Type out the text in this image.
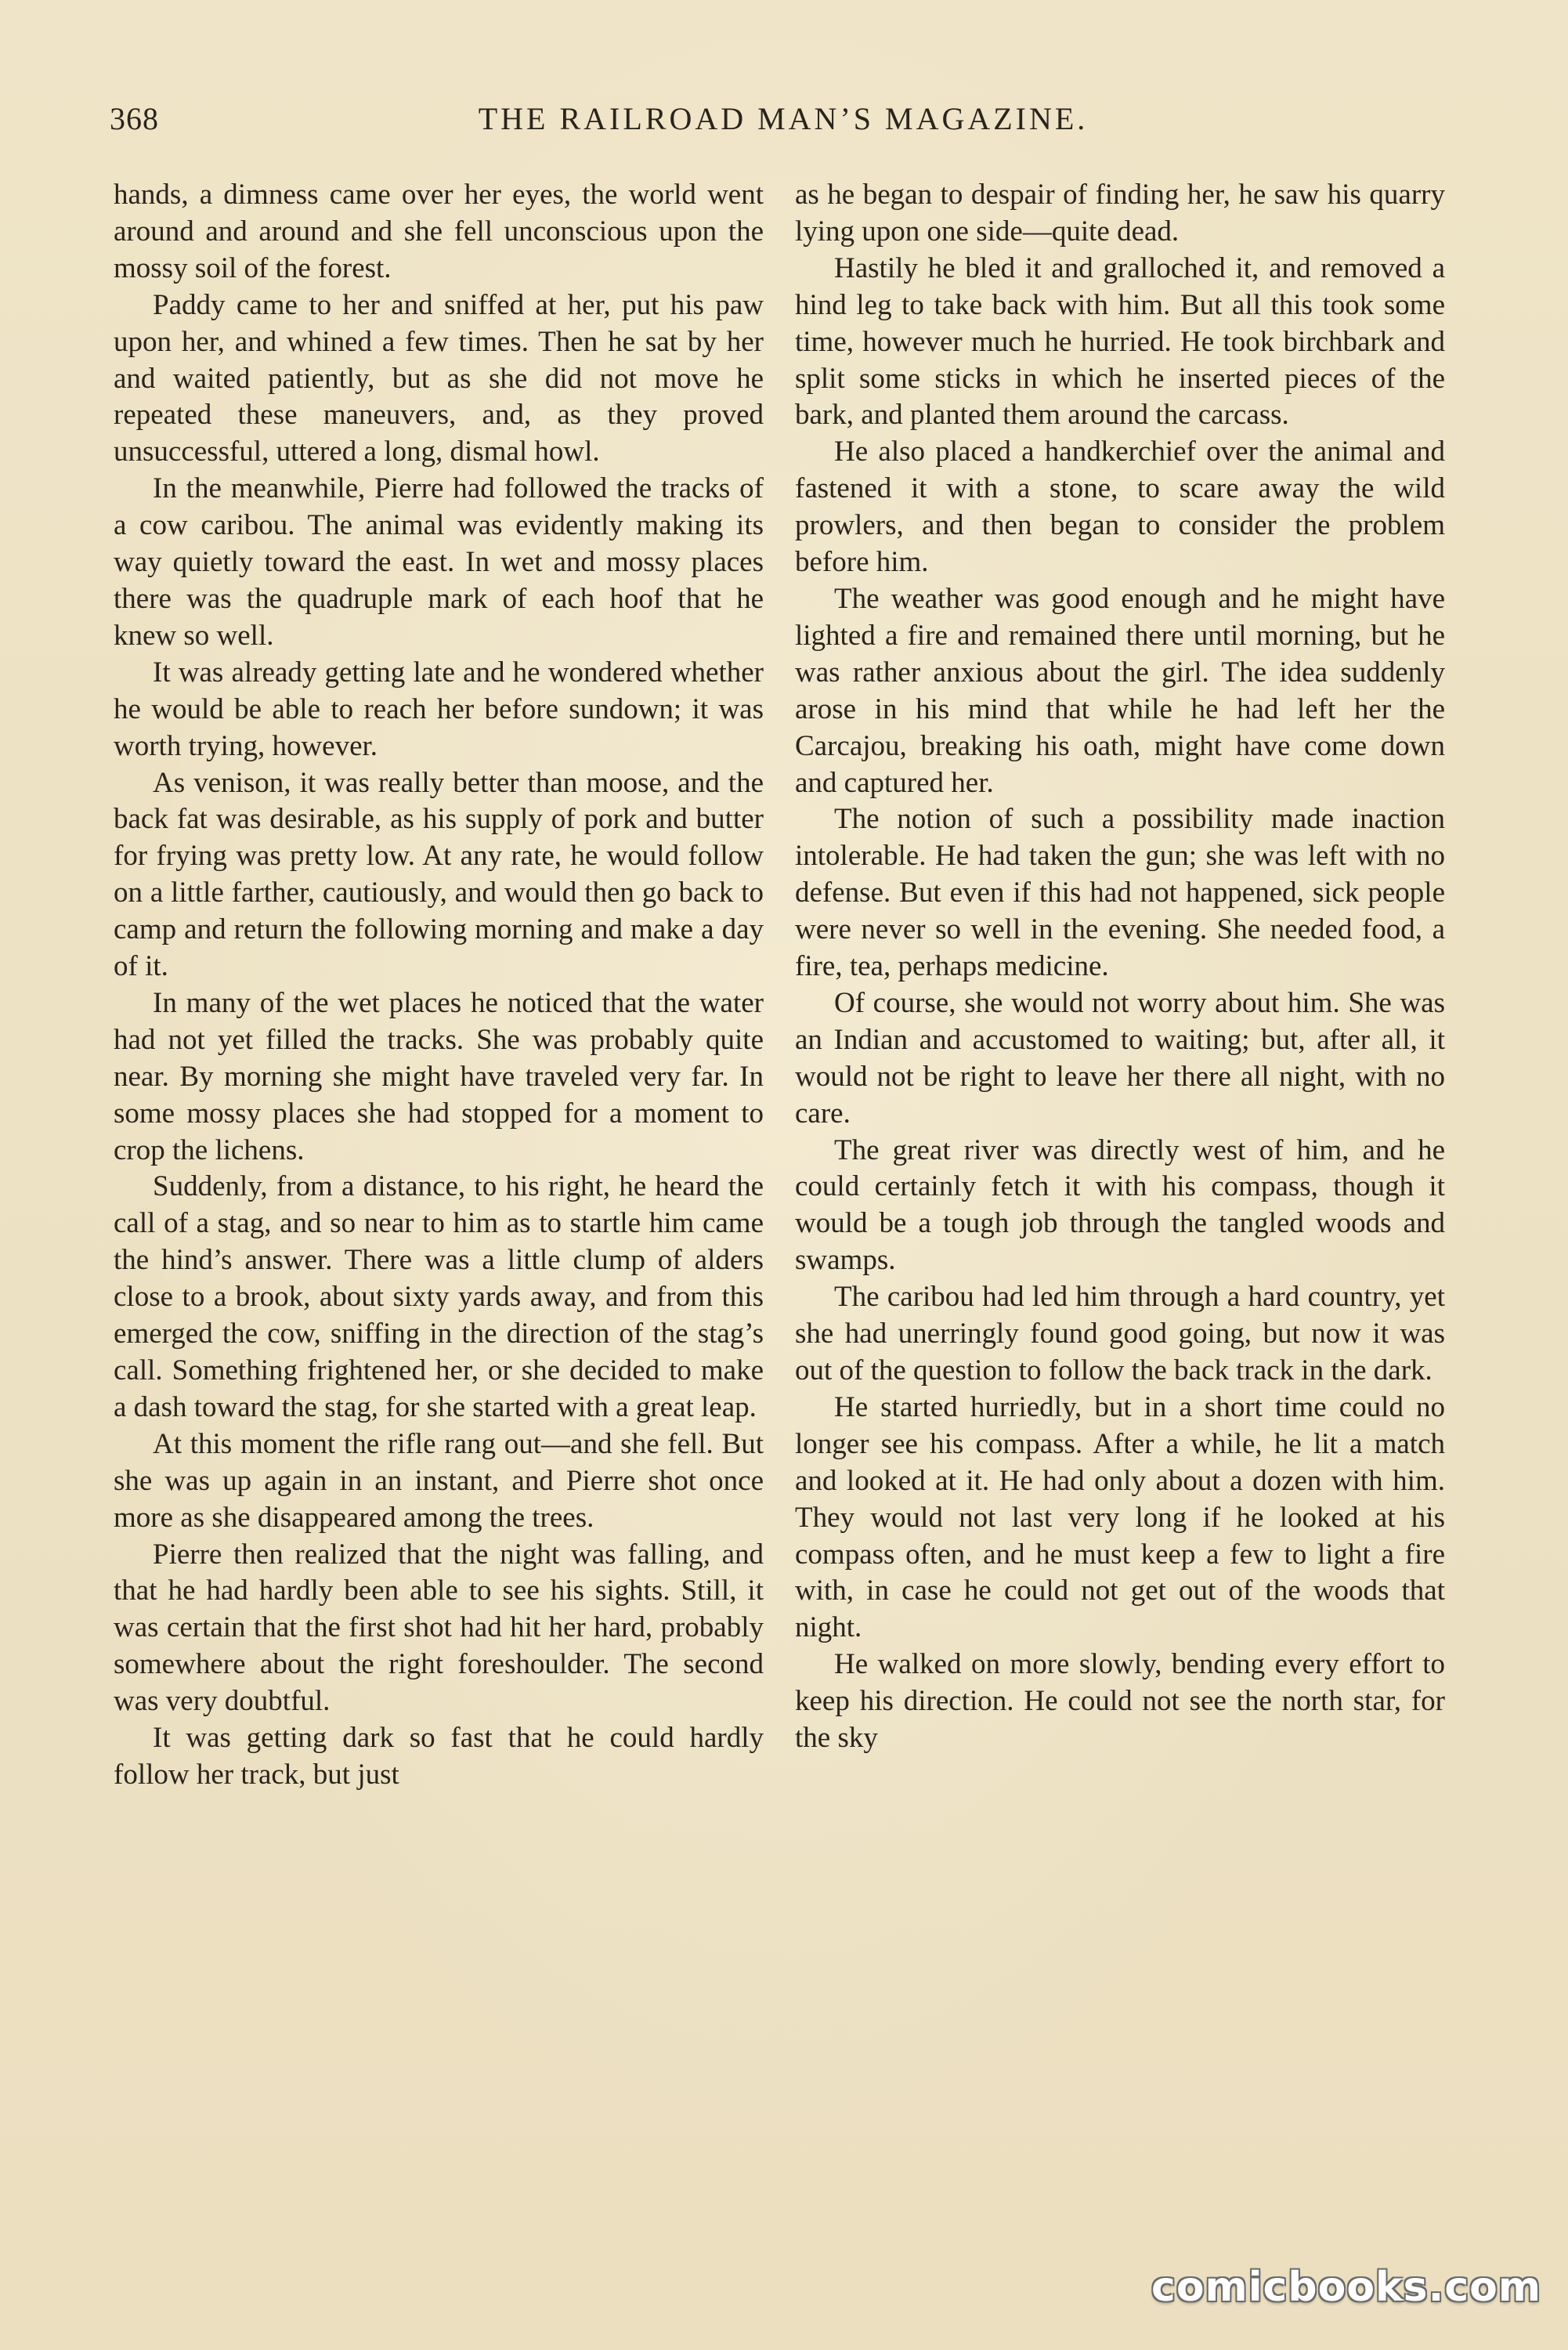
368	THE RAILROAD MAN’S MAGAZINE.

hands, a dimness came over her eyes, the world went around and around and she fell unconscious upon the mossy soil of the forest.

Paddy came to her and sniffed at her, put his paw upon her, and whined a few times. Then he sat by her and waited patiently, but as she did not move he repeated these maneuvers, and, as they proved unsuccessful, uttered a long, dismal howl.

In the meanwhile, Pierre had followed the tracks of a cow caribou. The animal was evidently making its way quietly toward the east. In wet and mossy places there was the quadruple mark of each hoof that he knew so well.

It was already getting late and he wondered whether he would be able to reach her before sundown; it was worth trying, however.

As venison, it was really better than moose, and the back fat was desirable, as his supply of pork and butter for frying was pretty low. At any rate, he would follow on a little farther, cautiously, and would then go back to camp and return the following morning and make a day of it.

In many of the wet places he noticed that the water had not yet filled the tracks. She was probably quite near. By morning she might have traveled very far. In some mossy places she had stopped for a moment to crop the lichens.

Suddenly, from a distance, to his right, he heard the call of a stag, and so near to him as to startle him came the hind’s answer. There was a little clump of alders close to a brook, about sixty yards away, and from this emerged the cow, sniffing in the direction of the stag’s call. Something frightened her, or she decided to make a dash toward the stag, for she started with a great leap.

At this moment the rifle rang out—and she fell. But she was up again in an instant, and Pierre shot once more as she disappeared among the trees.

Pierre then realized that the night was falling, and that he had hardly been able to see his sights. Still, it was certain that the first shot had hit her hard, probably somewhere about the right foreshoulder. The second was very doubtful.

It was getting dark so fast that he could hardly follow her track, but just

as he began to despair of finding her, he saw his quarry lying upon one side—quite dead.

Hastily he bled it and gralloched it, and removed a hind leg to take back with him. But all this took some time, however much he hurried. He took birchbark and split some sticks in which he inserted pieces of the bark, and planted them around the carcass.

He also placed a handkerchief over the animal and fastened it with a stone, to scare away the wild prowlers, and then began to consider the problem before him.

The weather was good enough and he might have lighted a fire and remained there until morning, but he was rather anxious about the girl. The idea suddenly arose in his mind that while he had left her the Carcajou, breaking his oath, might have come down and captured her.

The notion of such a possibility made inaction intolerable. He had taken the gun; she was left with no defense. But even if this had not happened, sick people were never so well in the evening. She needed food, a fire, tea, perhaps medicine.

Of course, she would not worry about him. She was an Indian and accustomed to waiting; but, after all, it would not be right to leave her there all night, with no care.

The great river was directly west of him, and he could certainly fetch it with his compass, though it would be a tough job through the tangled woods and swamps.

The caribou had led him through a hard country, yet she had unerringly found good going, but now it was out of the question to follow the back track in the dark.

He started hurriedly, but in a short time could no longer see his compass. After a while, he lit a match and looked at it. He had only about a dozen with him. They would not last very long if he looked at his compass often, and he must keep a few to light a fire with, in case he could not get out of the woods that night.

He walked on more slowly, bending every effort to keep his direction. He could not see the north star, for the sky

comicbooks.com
